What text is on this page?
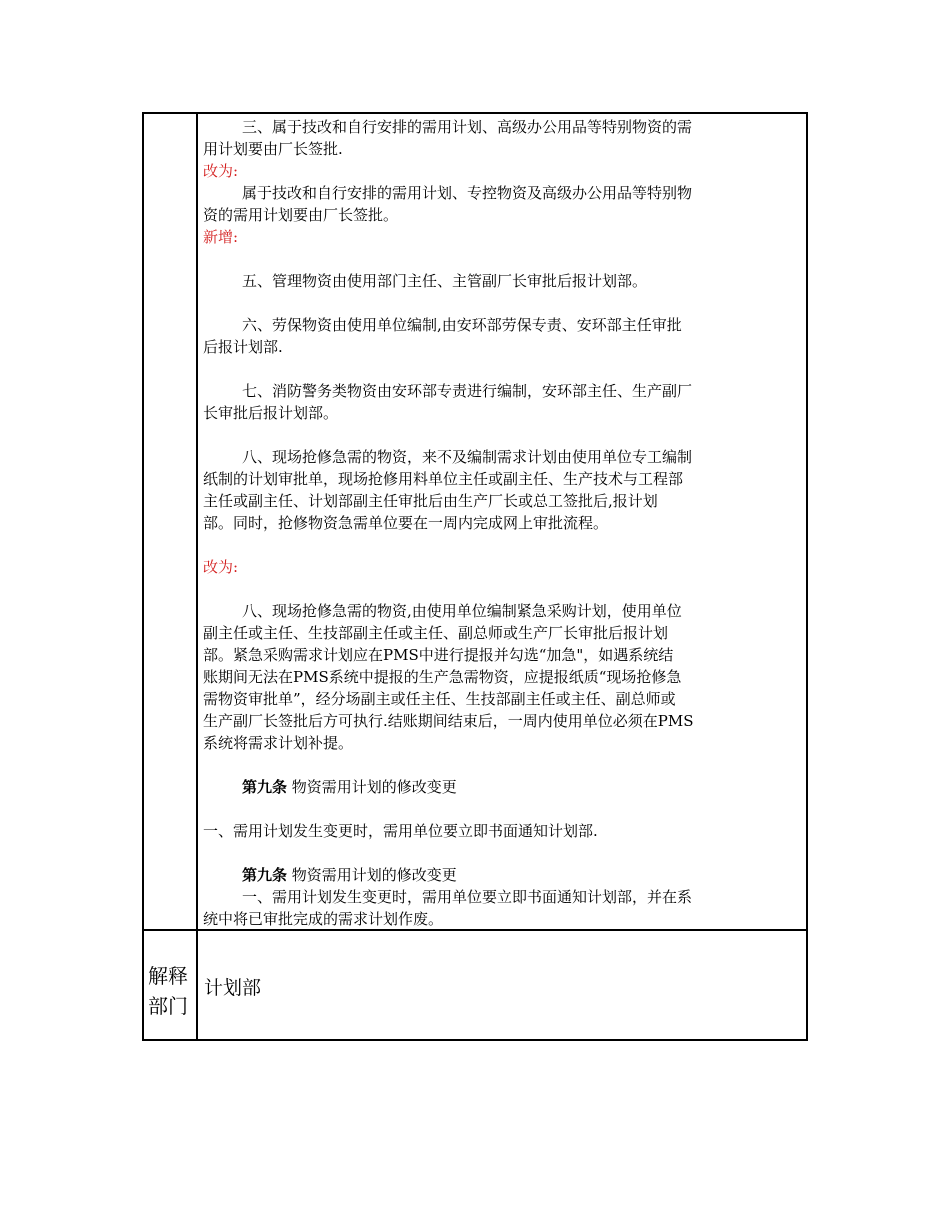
三、属于技改和自行安排的需用计划、高级办公用品等特别物资的需

用计划要由厂长签批.

改为:

属于技改和自行安排的需用计划、专控物资及高级办公用品等特别物

资的需用计划要由厂长签批。

新增:

五、管理物资由使用部门主任、主管副厂长审批后报计划部。

六、劳保物资由使用单位编制,由安环部劳保专责、安环部主任审批

后报计划部.

七、消防警务类物资由安环部专责进行编制，安环部主任、生产副厂

长审批后报计划部。

八、现场抢修急需的物资，来不及编制需求计划由使用单位专工编制

纸制的计划审批单，现场抢修用料单位主任或副主任、生产技术与工程部

主任或副主任、计划部副主任审批后由生产厂长或总工签批后,报计划

部。同时，抢修物资急需单位要在一周内完成网上审批流程。

改为:

八、现场抢修急需的物资,由使用单位编制紧急采购计划，使用单位

副主任或主任、生技部副主任或主任、副总师或生产厂长审批后报计划

部。紧急采购需求计划应在PMS中进行提报并勾选“加急"，如遇系统结

账期间无法在PMS系统中提报的生产急需物资，应提报纸质“现场抢修急

需物资审批单”，经分场副主或任主任、生技部副主任或主任、副总师或

生产副厂长签批后方可执行.结账期间结束后，一周内使用单位必须在PMS

系统将需求计划补提。

第九条 物资需用计划的修改变更

一、需用计划发生变更时，需用单位要立即书面通知计划部.

第九条 物资需用计划的修改变更

一、需用计划发生变更时，需用单位要立即书面通知计划部，并在系

统中将已审批完成的需求计划作废。

解释
部门
计划部
